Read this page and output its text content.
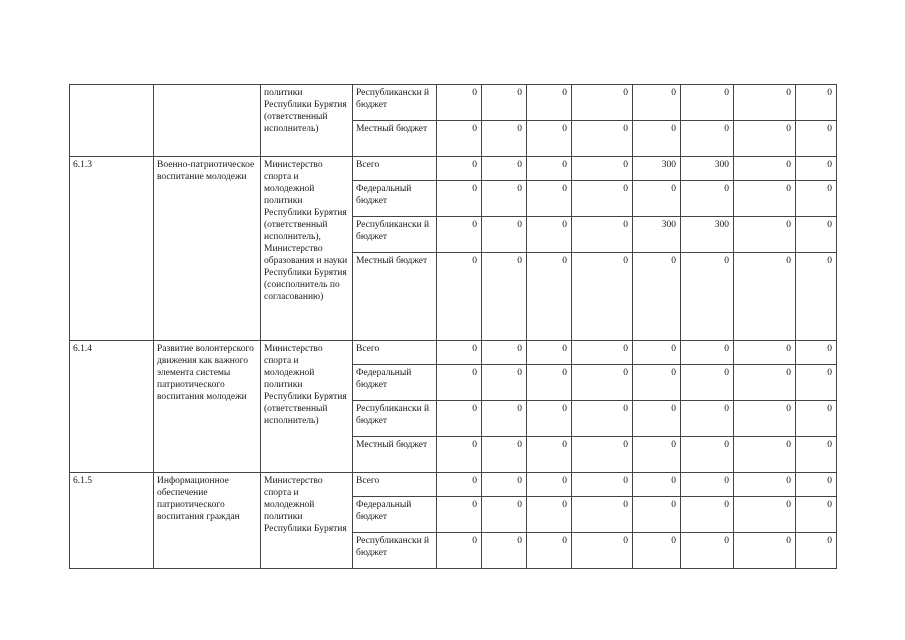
		политики Республики Бурятия (ответственный исполнитель)	Республикански й бюджет	0	0	0	0	0	0	0	0
			Местный бюджет	0	0	0	0	0	0	0	0
6.1.3	Военно-патриотическое воспитание молодежи	Министерство спорта и молодежной политики Республики Бурятия (ответственный исполнитель), Министерство образования и науки Республики Бурятия (соисполнитель по согласованию)	Всего	0	0	0	0	300	300	0	0
			Федеральный бюджет	0	0	0	0	0	0	0	0
			Республикански й бюджет	0	0	0	0	300	300	0	0
			Местный бюджет	0	0	0	0	0	0	0	0
6.1.4	Развитие волонтерского движения как важного элемента системы патриотического воспитания молодежи	Министерство спорта и молодежной политики Республики Бурятия (ответственный исполнитель)	Всего	0	0	0	0	0	0	0	0
			Федеральный бюджет	0	0	0	0	0	0	0	0
			Республикански й бюджет	0	0	0	0	0	0	0	0
			Местный бюджет	0	0	0	0	0	0	0	0
6.1.5	Информационное обеспечение патриотического воспитания граждан	Министерство спорта и молодежной политики Республики Бурятия	Всего	0	0	0	0	0	0	0	0
			Федеральный бюджет	0	0	0	0	0	0	0	0
			Республикански й бюджет	0	0	0	0	0	0	0	0
